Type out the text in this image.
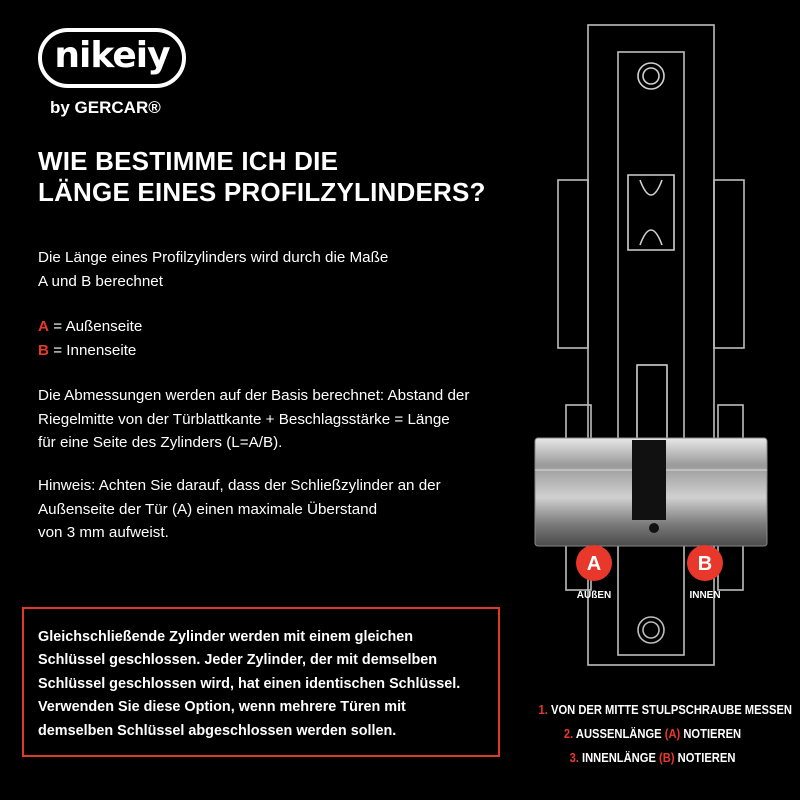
nikeiy
by GERCAR®
WIE BESTIMME ICH DIE
LÄNGE EINES PROFILZYLINDERS?

Die Länge eines Profilzylinders wird durch die Maße
A und B berechnet

A = Außenseite
B = Innenseite

Die Abmessungen werden auf der Basis berechnet: Abstand der
Riegelmitte von der Türblattkante + Beschlagsstärke = Länge
für eine Seite des Zylinders (L=A/B).

Hinweis: Achten Sie darauf, dass der Schließzylinder an der
Außenseite der Tür (A) einen maximale Überstand
von 3 mm aufweist.

Gleichschließende Zylinder werden mit einem gleichen
Schlüssel geschlossen. Jeder Zylinder, der mit demselben
Schlüssel geschlossen wird, hat einen identischen Schlüssel.
Verwenden Sie diese Option, wenn mehrere Türen mit
demselben Schlüssel abgeschlossen werden sollen.
A
AUßEN
B
INNEN
1. VON DER MITTE STULPSCHRAUBE MESSEN
2. AUSSENLÄNGE (A) NOTIEREN
3. INNENLÄNGE (B) NOTIEREN
